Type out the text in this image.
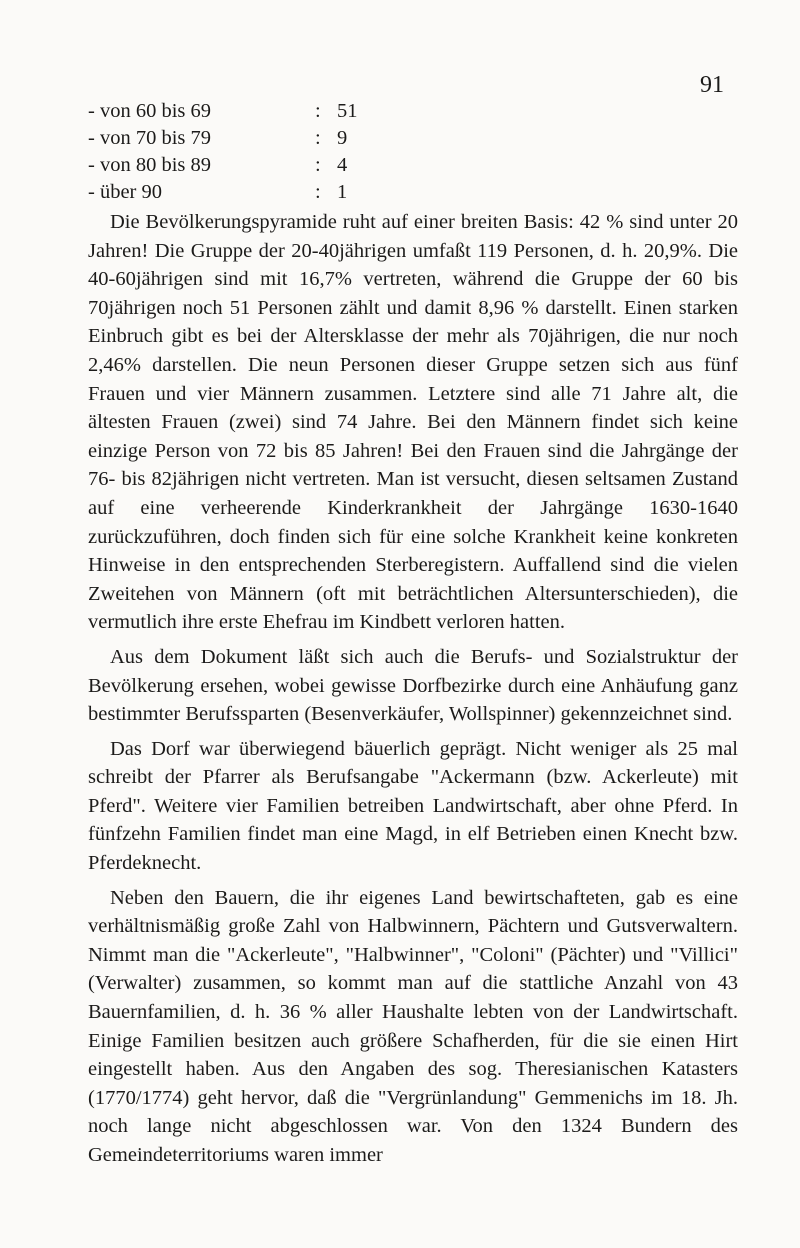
91
- von 60 bis 69	: 51
- von 70 bis 79	: 9
- von 80 bis 89	: 4
- über 90	: 1

Die Bevölkerungspyramide ruht auf einer breiten Basis: 42 % sind unter 20 Jahren! Die Gruppe der 20-40jährigen umfaßt 119 Personen, d. h. 20,9%. Die 40-60jährigen sind mit 16,7% vertreten, während die Gruppe der 60 bis 70jährigen noch 51 Personen zählt und damit 8,96 % darstellt. Einen starken Einbruch gibt es bei der Altersklasse der mehr als 70jährigen, die nur noch 2,46% darstellen. Die neun Personen dieser Gruppe setzen sich aus fünf Frauen und vier Männern zusammen. Letztere sind alle 71 Jahre alt, die ältesten Frauen (zwei) sind 74 Jahre. Bei den Männern findet sich keine einzige Person von 72 bis 85 Jahren! Bei den Frauen sind die Jahrgänge der 76- bis 82jährigen nicht vertreten. Man ist versucht, diesen seltsamen Zustand auf eine verheerende Kinderkrankheit der Jahrgänge 1630-1640 zurückzuführen, doch finden sich für eine solche Krankheit keine konkreten Hinweise in den entsprechenden Sterberegistern. Auffallend sind die vielen Zweitehen von Männern (oft mit beträchtlichen Altersunterschieden), die vermutlich ihre erste Ehefrau im Kindbett verloren hatten.

Aus dem Dokument läßt sich auch die Berufs- und Sozialstruktur der Bevölkerung ersehen, wobei gewisse Dorfbezirke durch eine Anhäufung ganz bestimmter Berufssparten (Besenverkäufer, Wollspinner) gekennzeichnet sind.

Das Dorf war überwiegend bäuerlich geprägt. Nicht weniger als 25 mal schreibt der Pfarrer als Berufsangabe "Ackermann (bzw. Ackerleute) mit Pferd". Weitere vier Familien betreiben Landwirtschaft, aber ohne Pferd. In fünfzehn Familien findet man eine Magd, in elf Betrieben einen Knecht bzw. Pferdeknecht.

Neben den Bauern, die ihr eigenes Land bewirtschafteten, gab es eine verhältnismäßig große Zahl von Halbwinnern, Pächtern und Gutsverwaltern. Nimmt man die "Ackerleute", "Halbwinner", "Coloni" (Pächter) und "Villici" (Verwalter) zusammen, so kommt man auf die stattliche Anzahl von 43 Bauernfamilien, d. h. 36 % aller Haushalte lebten von der Landwirtschaft. Einige Familien besitzen auch größere Schafherden, für die sie einen Hirt eingestellt haben. Aus den Angaben des sog. Theresianischen Katasters (1770/1774) geht hervor, daß die "Vergrünlandung" Gemmenichs im 18. Jh. noch lange nicht abgeschlossen war. Von den 1324 Bundern des Gemeindeterritoriums waren immer
